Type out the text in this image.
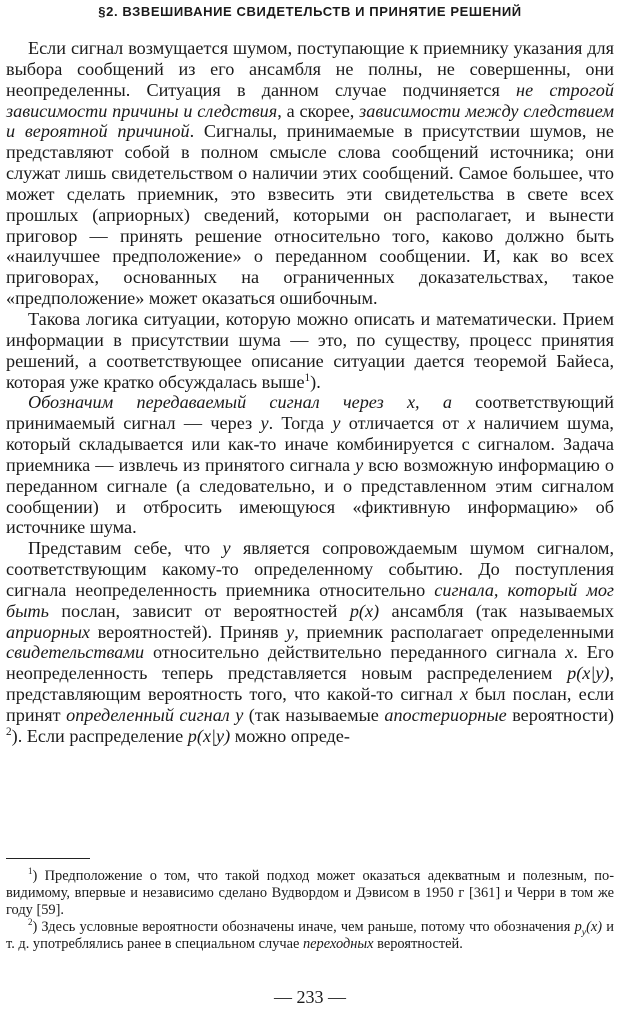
§2. ВЗВЕШИВАНИЕ СВИДЕТЕЛЬСТВ И ПРИНЯТИЕ РЕШЕНИЙ

Если сигнал возмущается шумом, поступающие к приемнику указания для выбора сообщений из его ансамбля не полны, не совершенны, они неопределенны. Ситуация в данном случае подчиняется не строгой зависимости причины и следствия, а скорее, зависимости между следствием и вероятной причиной. Сигналы, принимаемые в присутствии шумов, не представляют собой в полном смысле слова сообщений источника; они служат лишь свидетельством о наличии этих сообщений. Самое большее, что может сделать приемник, это взвесить эти свидетельства в свете всех прошлых (априорных) сведений, которыми он располагает, и вынести приговор — принять решение относительно того, каково должно быть «наилучшее предположение» о переданном сообщении. И, как во всех приговорах, основанных на ограниченных доказательствах, такое «предположение» может оказаться ошибочным.

Такова логика ситуации, которую можно описать и математически. Прием информации в присутствии шума — это, по существу, процесс принятия решений, а соответствующее описание ситуации дается теоремой Байеса, которая уже кратко обсуждалась выше$^1$).

Обозначим передаваемый сигнал через x, а соответствующий принимаемый сигнал — через y. Тогда y отличается от x наличием шума, который складывается или как-то иначе комбинируется с сигналом. Задача приемника — извлечь из принятого сигнала y всю возможную информацию о переданном сигнале (а следовательно, и о представленном этим сигналом сообщении) и отбросить имеющуюся «фиктивную информацию» об источнике шума.

Представим себе, что y является сопровождаемым шумом сигналом, соответствующим какому-то определенному событию. До поступления сигнала неопределенность приемника относительно сигнала, который мог быть послан, зависит от вероятностей p(x) ансамбля (так называемых априорных вероятностей). Приняв y, приемник располагает определенными свидетельствами относительно действительно переданного сигнала x. Его неопределенность теперь представляется новым распределением p(x|y), представляющим вероятность того, что какой-то сигнал x был послан, если принят определенный сигнал y (так называемые апостериорные вероятности) $^2$). Если распределение p(x|y) можно опреде-

$^1$) Предположение о том, что такой подход может оказаться адекватным и полезным, по-видимому, впервые и независимо сделано Вудвордом и Дэвисом в 1950 г [361] и Черри в том же году [59].

$^2$) Здесь условные вероятности обозначены иначе, чем раньше, потому что обозначения $p_y(x)$ и т. д. употреблялись ранее в специальном случае переходных вероятностей.

— 233 —
